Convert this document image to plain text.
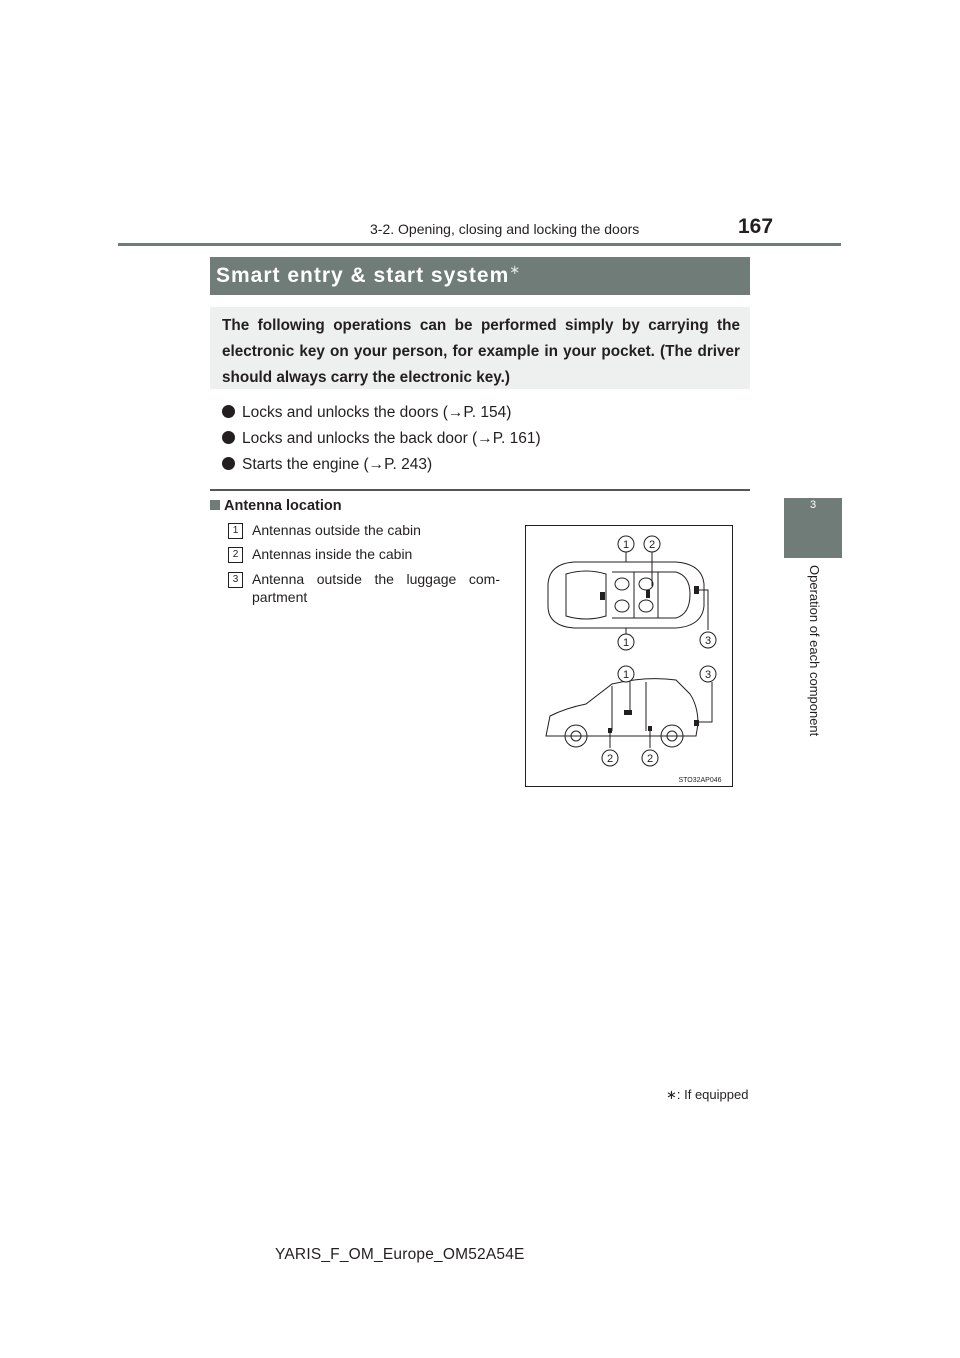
3-2. Opening, closing and locking the doors	167
3
Operation of each component
Smart entry & start system∗
The following operations can be performed simply by carrying the electronic key on your person, for example in your pocket. (The driver should always carry the electronic key.)
Locks and unlocks the doors (→P. 154)
Locks and unlocks the back door (→P. 161)
Starts the engine (→P. 243)
Antenna location
1 Antennas outside the cabin
2 Antennas inside the cabin
3 Antenna outside the luggage com-partment
1 2
1	3
1	3
2	2
STO32AP046
∗: If equipped
YARIS_F_OM_Europe_OM52A54E
carmanualsonline.info
